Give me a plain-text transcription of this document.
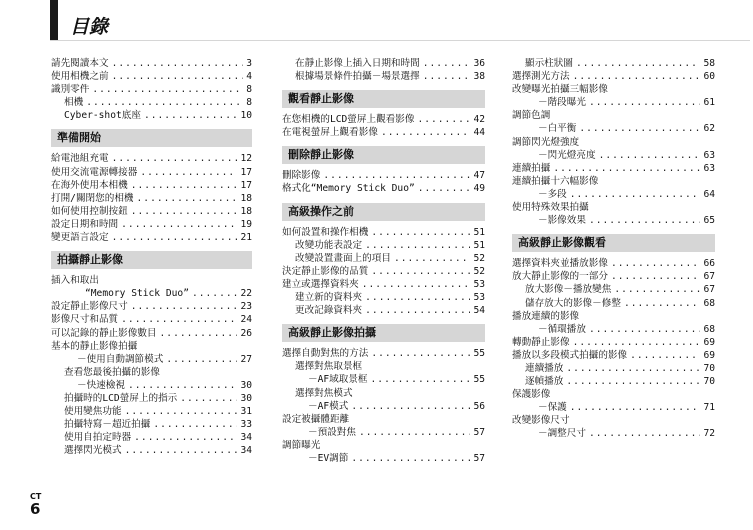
目錄
請先閱讀本文 .....	3
使用相機之前 .....	4
識別零件 .....	8
相機 .....	8
Cyber-shot底座 .....	10
準備開始
給電池組充電 .....	12
使用交流電源轉接器 .....	17
在海外使用本相機 .....	17
打開/關閉您的相機 .....	18
如何使用控制按鈕 .....	18
設定日期和時間 .....	19
變更語言設定 .....	21
拍攝靜止影像
插入和取出
“Memory Stick Duo” .....	22
設定靜止影像尺寸 .....	23
影像尺寸和品質 .....	24
可以記錄的靜止影像數目 .....	26
基本的靜止影像拍攝
－使用自動調節模式 .....	27
查看您最後拍攝的影像
－快速檢視 .....	30
拍攝時的LCD螢屏上的指示 .....	30
使用變焦功能 .....	31
拍攝特寫－超近拍攝 .....	33
使用自拍定時器 .....	34
選擇閃光模式 .....	34
在靜止影像上插入日期和時間 .....	36
根據場景條件拍攝－場景選擇 .....	38
觀看靜止影像
在您相機的LCD螢屏上觀看影像 .....	42
在電視螢屏上觀看影像 .....	44
刪除靜止影像
刪除影像 .....	47
格式化“Memory Stick Duo” .....	49
高級操作之前
如何設置和操作相機 .....	51
改變功能表設定 .....	51
改變設置畫面上的項目 .....	52
決定靜止影像的品質 .....	52
建立或選擇資料夾 .....	53
建立新的資料夾 .....	53
更改記錄資料夾 .....	54
高級靜止影像拍攝
選擇自動對焦的方法 .....	55
選擇對焦取景框
－AF域取景框 .....	55
選擇對焦模式
－AF模式 .....	56
設定被攝體距離
－預設對焦 .....	57
調節曝光
－EV調節 .....	57
顯示柱狀圖 .....	58
選擇測光方法 .....	60
改變曝光拍攝三幅影像
－階段曝光 .....	61
調節色調
－白平衡 .....	62
調節閃光燈強度
－閃光燈亮度 .....	63
連續拍攝 .....	63
連續拍攝十六幅影像
－多段 .....	64
使用特殊效果拍攝
－影像效果 .....	65
高級靜止影像觀看
選擇資料夾並播放影像 .....	66
放大靜止影像的一部分 .....	67
放大影像－播放變焦 .....	67
儲存放大的影像－修整 .....	68
播放連續的影像
－循環播放 .....	68
轉動靜止影像 .....	69
播放以多段模式拍攝的影像 .....	69
連續播放 .....	70
逐幀播放 .....	70
保護影像
－保護 .....	71
改變影像尺寸
－調整尺寸 .....	72
CT
6
